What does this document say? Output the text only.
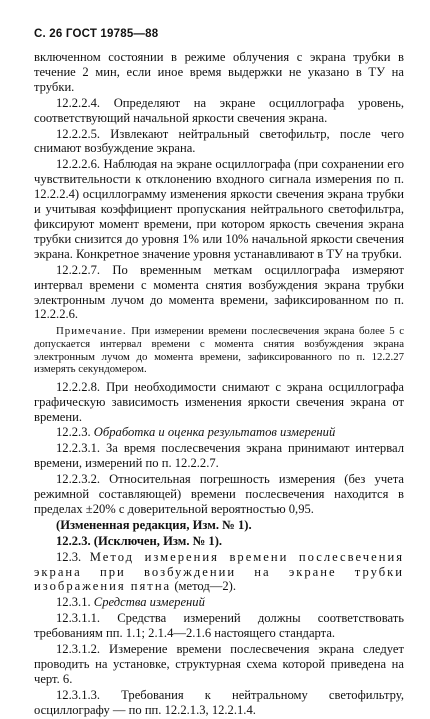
С. 26 ГОСТ 19785—88

включенном состоянии в режиме облучения с экрана трубки в течение 2 мин, если иное время выдержки не указано в ТУ на трубки.

12.2.2.4. Определяют на экране осциллографа уровень, соответствующий начальной яркости свечения экрана.

12.2.2.5. Извлекают нейтральный светофильтр, после чего снимают возбуждение экрана.

12.2.2.6. Наблюдая на экране осциллографа (при сохранении его чувствительности к отклонению входного сигнала измерения по п. 12.2.2.4) осциллограмму изменения яркости свечения экрана трубки и учитывая коэффициент пропускания нейтрального светофильтра, фиксируют момент времени, при котором яркость свечения экрана трубки снизится до уровня 1% или 10% начальной яркости свечения экрана. Конкретное значение уровня устанавливают в ТУ на трубки.

12.2.2.7. По временным меткам осциллографа измеряют интервал времени с момента снятия возбуждения экрана трубки электронным лучом до момента времени, зафиксированном по п. 12.2.2.6.

Примечание. При измерении времени послесвечения экрана более 5 с допускается интервал времени с момента снятия возбуждения экрана электронным лучом до момента времени, зафиксированного по п. 12.2.27 измерять секундомером.

12.2.2.8. При необходимости снимают с экрана осциллографа графическую зависимость изменения яркости свечения экрана от времени.

12.2.3. Обработка и оценка результатов измерений

12.2.3.1. За время послесвечения экрана принимают интервал времени, измерений по п. 12.2.2.7.

12.2.3.2. Относительная погрешность измерения (без учета режимной составляющей) времени послесвечения находится в пределах ±20% с доверительной вероятностью 0,95.

(Измененная редакция, Изм. № 1).

12.2.3. (Исключен, Изм. № 1).

12.3. Метод измерения времени послесвечения экрана при возбуждении на экране трубки изображения пятна (метод—2).

12.3.1. Средства измерений

12.3.1.1. Средства измерений должны соответствовать требованиям пп. 1.1; 2.1.4—2.1.6 настоящего стандарта.

12.3.1.2. Измерение времени послесвечения экрана следует проводить на установке, структурная схема которой приведена на черт. 6.

12.3.1.3. Требования к нейтральному светофильтру, осциллографу — по пп. 12.2.1.3, 12.2.1.4.
